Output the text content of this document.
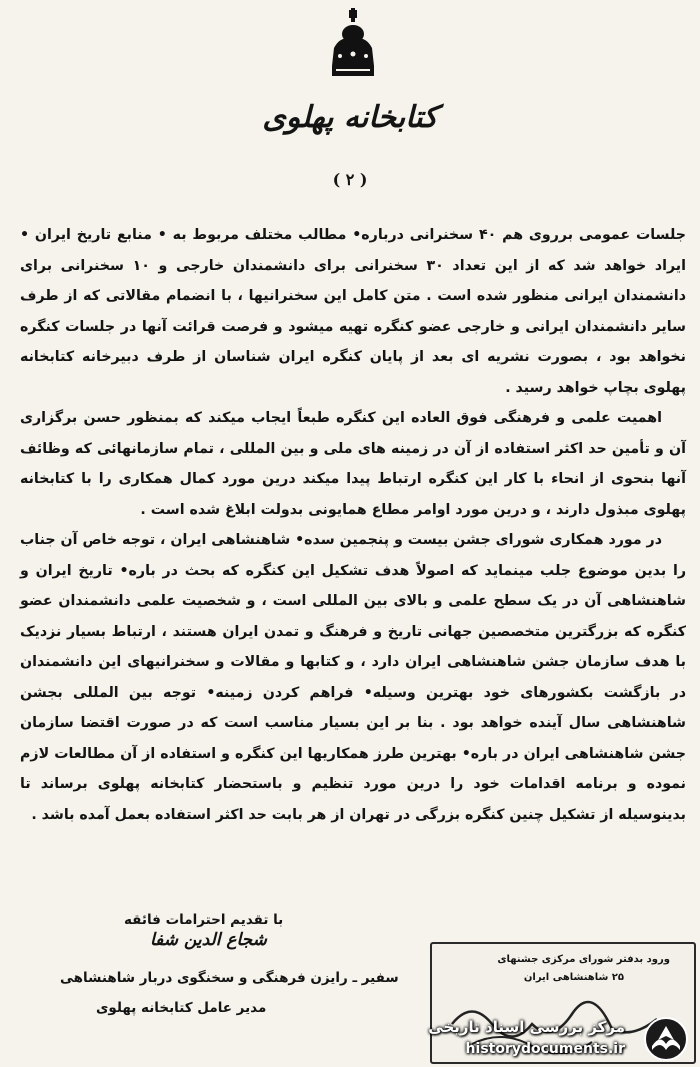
کتابخانه پهلوی
( ۲ )

جلسات عمومی برروی هم ۴۰ سخنرانی درباره• مطالب مختلف مربوط به • منابع تاریخ ایران • ایراد خواهد شد که از این تعداد ۳۰ سخنرانی برای دانشمندان خارجی و ۱۰ سخنرانی برای دانشمندان ایرانی منظور شده است . متن کامل این سخنرانیها ، با انضمام مقالاتی که از طرف سایر دانشمندان ایرانی و خارجی عضو کنگره تهیه میشود و فرصت قرائت آنها در جلسات کنگره نخواهد بود ، بصورت نشریه ای بعد از پایان کنگره ایران شناسان از طرف دبیرخانه کتابخانه پهلوی بچاپ خواهد رسید .

اهمیت علمی و فرهنگی فوق العاده این کنگره طبعاً ایجاب میکند که بمنظور حسن برگزاری آن و تأمین حد اکثر استفاده از آن در زمینه های ملی و بین المللی ، تمام سازمانهائی که وظائف آنها بنحوی از انحاء با کار این کنگره ارتباط پیدا میکند درین مورد کمال همکاری را با کتابخانه پهلوی مبذول دارند ، و درین مورد اوامر مطاع همایونی بدولت ابلاغ شده است .

در مورد همکاری شورای جشن بیست و پنجمین سده• شاهنشاهی ایران ، توجه خاص آن جناب را بدین موضوع جلب مینماید که اصولاً هدف تشکیل این کنگره که بحث در باره• تاریخ ایران و شاهنشاهی آن در یک سطح علمی و بالای بین المللی است ، و شخصیت علمی دانشمندان عضو کنگره که بزرگترین متخصصین جهانی تاریخ و فرهنگ و تمدن ایران هستند ، ارتباط بسیار نزدیک با هدف سازمان جشن شاهنشاهی ایران دارد ، و کتابها و مقالات و سخنرانیهای این دانشمندان در بازگشت بکشورهای خود بهترین وسیله• فراهم کردن زمینه• توجه بین المللی بجشن شاهنشاهی سال آینده خواهد بود . بنا بر این بسیار مناسب است که در صورت اقتضا سازمان جشن شاهنشاهی ایران در باره• بهترین طرز همکاریها این کنگره و استفاده از آن مطالعات لازم نموده و برنامه اقدامات خود را درین مورد تنظیم و باستحضار کتابخانه پهلوی برساند تا بدینوسیله از تشکیل چنین کنگره بزرگی در تهران از هر بابت حد اکثر استفاده بعمل آمده باشد .

با تقدیم احترامات فائقه
شجاع الدین شفا
سفیر ـ رایزن فرهنگی و سخنگوی دربار شاهنشاهی
مدیر عامل کتابخانه پهلوی
ورود بدفتر شورای مرکزی جشنهای
۲۵ شاهنشاهی ایران
مرکز بررسی اسناد تاریخی
historydocuments.ir
